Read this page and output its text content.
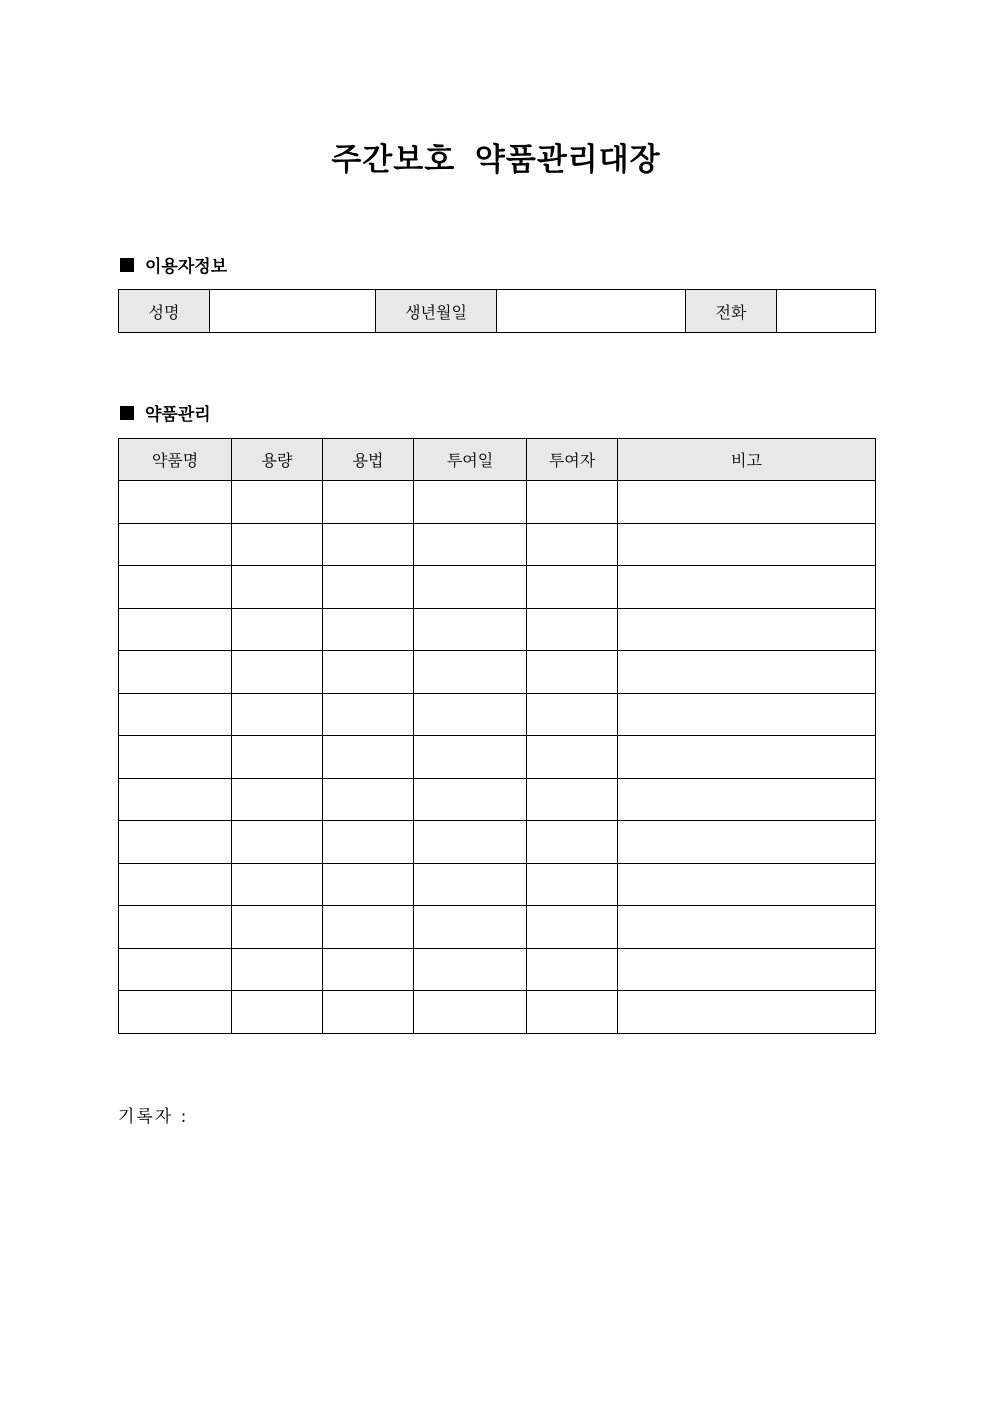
주간보호 약품관리대장
이용자정보
성명		생년월일		전화	
약품관리
약품명	용량	용법	투여일	투여자	비고

기록자 :
